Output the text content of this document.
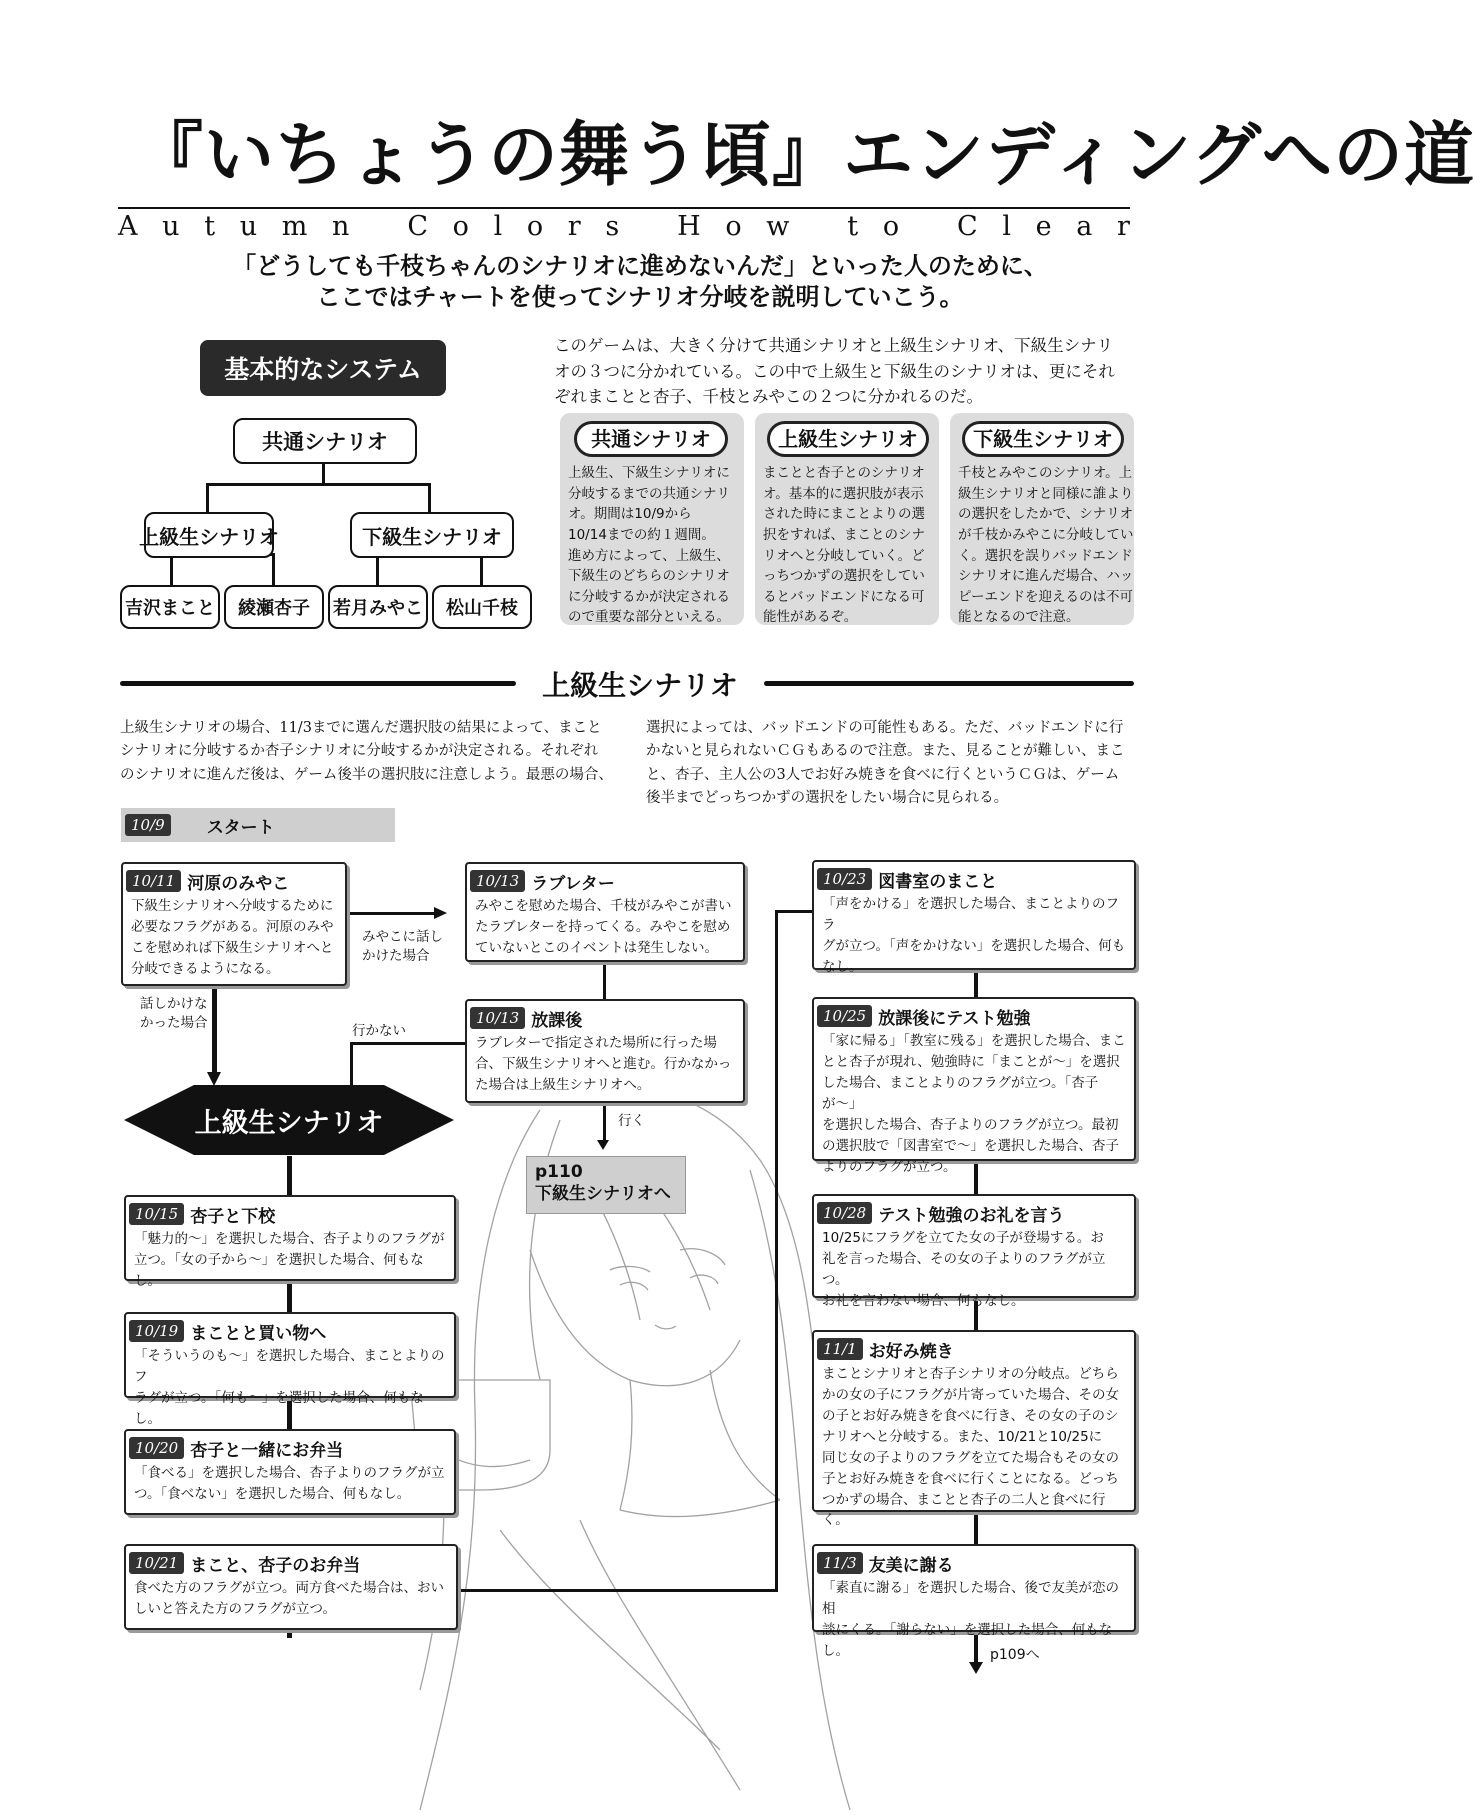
『いちょうの舞う頃』エンディングへの道
A u t u m n
C o l o r s
H o w
t o
C l e a r
「どうしても千枝ちゃんのシナリオに進めないんだ」といった人のために、
ここではチャートを使ってシナリオ分岐を説明していこう。
基本的なシステム
共通シナリオ
上級生シナリオ	下級生シナリオ
吉沢まこと	綾瀬杏子	若月みやこ	松山千枝
このゲームは、大きく分けて共通シナリオと上級生シナリオ、下級生シナリ
オの３つに分かれている。この中で上級生と下級生のシナリオは、更にそれ
ぞれまことと杏子、千枝とみやこの２つに分かれるのだ。
共通シナリオ
上級生、下級生シナリオに
分岐するまでの共通シナリ
オ。期間は10/9から
10/14までの約１週間。
進め方によって、上級生、
下級生のどちらのシナリオ
に分岐するかが決定される
ので重要な部分といえる。
上級生シナリオ
まことと杏子とのシナリオ
オ。基本的に選択肢が表示
された時にまことよりの選
択をすれば、まことのシナ
リオへと分岐していく。ど
っちつかずの選択をしてい
るとバッドエンドになる可
能性があるぞ。
下級生シナリオ
千枝とみやこのシナリオ。上
級生シナリオと同様に誰より
の選択をしたかで、シナリオ
が千枝かみやこに分岐してい
く。選択を誤りバッドエンド
シナリオに進んだ場合、ハッ
ピーエンドを迎えるのは不可
能となるので注意。
上級生シナリオ
上級生シナリオの場合、11/3までに選んだ選択肢の結果によって、まこと
シナリオに分岐するか杏子シナリオに分岐するかが決定される。それぞれ
のシナリオに進んだ後は、ゲーム後半の選択肢に注意しよう。最悪の場合、
選択によっては、バッドエンドの可能性もある。ただ、バッドエンドに行
かないと見られないＣＧもあるので注意。また、見ることが難しい、まこ
と、杏子、主人公の3人でお好み焼きを食べに行くというＣＧは、ゲーム
後半までどっちつかずの選択をしたい場合に見られる。
10/9	スタート
10/11 河原のみやこ
下級生シナリオへ分岐するために
必要なフラグがある。河原のみや
こを慰めれば下級生シナリオへと
分岐できるようになる。
10/13 ラブレター
みやこを慰めた場合、千枝がみやこが書い
たラブレターを持ってくる。みやこを慰め
ていないとこのイベントは発生しない。
10/13 放課後
ラブレターで指定された場所に行った場
合、下級生シナリオへと進む。行かなかっ
た場合は上級生シナリオへ。
10/15 杏子と下校
「魅力的〜」を選択した場合、杏子よりのフラグが
立つ。「女の子から〜」を選択した場合、何もなし。
10/19 まことと買い物へ
「そういうのも〜」を選択した場合、まことよりのフ
ラグが立つ。「何も〜」を選択した場合、何もなし。
10/20 杏子と一緒にお弁当
「食べる」を選択した場合、杏子よりのフラグが立
つ。「食べない」を選択した場合、何もなし。
10/21 まこと、杏子のお弁当
食べた方のフラグが立つ。両方食べた場合は、おい
しいと答えた方のフラグが立つ。
10/23 図書室のまこと
「声をかける」を選択した場合、まことよりのフラ
グが立つ。「声をかけない」を選択した場合、何も
なし。
10/25 放課後にテスト勉強
「家に帰る」「教室に残る」を選択した場合、まこ
とと杏子が現れ、勉強時に「まことが〜」を選択
した場合、まことよりのフラグが立つ。「杏子が〜」
を選択した場合、杏子よりのフラグが立つ。最初
の選択肢で「図書室で〜」を選択した場合、杏子
よりのフラグが立つ。
10/28 テスト勉強のお礼を言う
10/25にフラグを立てた女の子が登場する。お
礼を言った場合、その女の子よりのフラグが立つ。
お礼を言わない場合、何もなし。
11/1 お好み焼き
まことシナリオと杏子シナリオの分岐点。どちら
かの女の子にフラグが片寄っていた場合、その女
の子とお好み焼きを食べに行き、その女の子のシ
ナリオへと分岐する。また、10/21と10/25に
同じ女の子よりのフラグを立てた場合もその女の
子とお好み焼きを食べに行くことになる。どっち
つかずの場合、まことと杏子の二人と食べに行く。
11/3 友美に謝る
「素直に謝る」を選択した場合、後で友美が恋の相
談にくる。「謝らない」を選択した場合、何もなし。
上級生シナリオ
みやこに話し
かけた場合
話しかけな
かった場合
行かない
行く
p110
下級生シナリオへ
p109へ
